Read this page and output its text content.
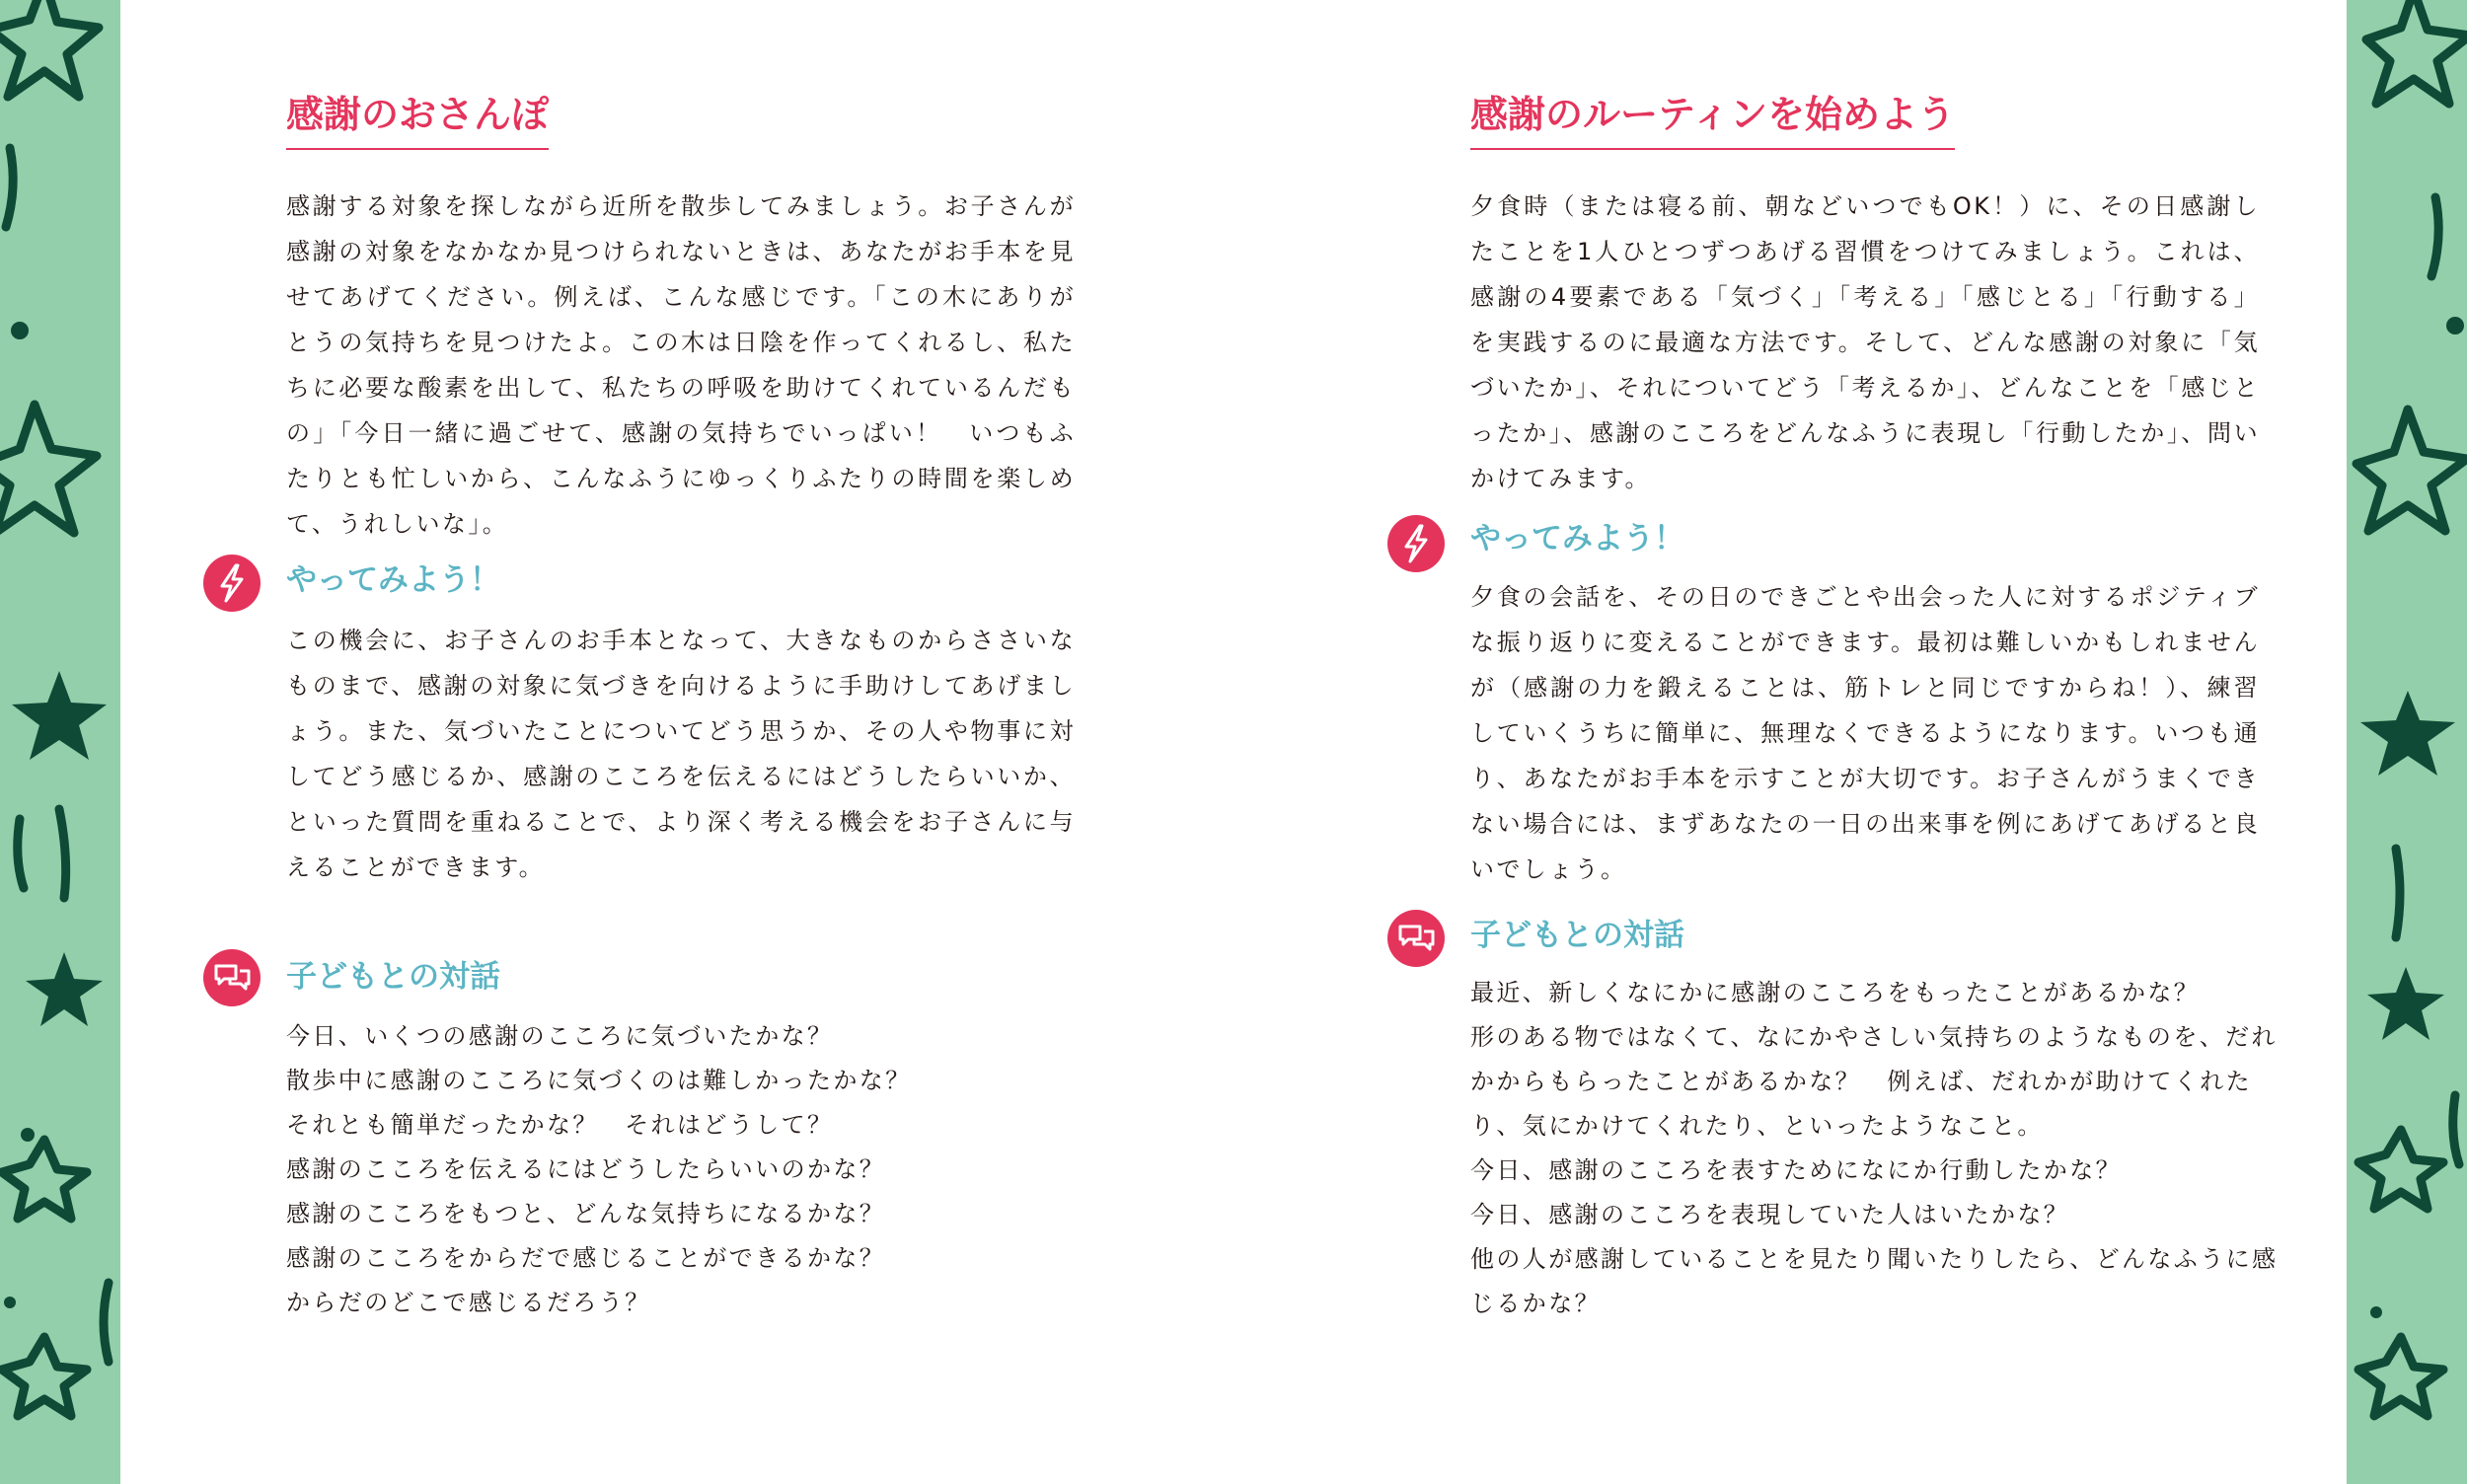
感謝のおさんぽ

感謝する対象を探しながら近所を散歩してみましょう。お子さんが感謝の対象をなかなか見つけられないときは、あなたがお手本を見せてあげてください。例えば、こんな感じです。「この木にありがとうの気持ちを見つけたよ。この木は日陰を作ってくれるし、私たちに必要な酸素を出して、私たちの呼吸を助けてくれているんだもの」「今日一緒に過ごせて、感謝の気持ちでいっぱい！　いつもふたりとも忙しいから、こんなふうにゆっくりふたりの時間を楽しめて、うれしいな」。

やってみよう！

この機会に、お子さんのお手本となって、大きなものからささいなものまで、感謝の対象に気づきを向けるように手助けしてあげましょう。また、気づいたことについてどう思うか、その人や物事に対してどう感じるか、感謝のこころを伝えるにはどうしたらいいか、といった質問を重ねることで、より深く考える機会をお子さんに与えることができます。

子どもとの対話
今日、いくつの感謝のこころに気づいたかな？
散歩中に感謝のこころに気づくのは難しかったかな？
それとも簡単だったかな？　それはどうして？
感謝のこころを伝えるにはどうしたらいいのかな？
感謝のこころをもつと、どんな気持ちになるかな？
感謝のこころをからだで感じることができるかな？
からだのどこで感じるだろう？
感謝のルーティンを始めよう

夕食時（または寝る前、朝などいつでもOK！）に、その日感謝したことを1人ひとつずつあげる習慣をつけてみましょう。これは、感謝の4要素である「気づく」「考える」「感じとる」「行動する」を実践するのに最適な方法です。そして、どんな感謝の対象に「気づいたか」、それについてどう「考えるか」、どんなことを「感じとったか」、感謝のこころをどんなふうに表現し「行動したか」、問いかけてみます。

やってみよう！

夕食の会話を、その日のできごとや出会った人に対するポジティブな振り返りに変えることができます。最初は難しいかもしれませんが（感謝の力を鍛えることは、筋トレと同じですからね！）、練習していくうちに簡単に、無理なくできるようになります。いつも通り、あなたがお手本を示すことが大切です。お子さんがうまくできない場合には、まずあなたの一日の出来事を例にあげてあげると良いでしょう。

子どもとの対話
最近、新しくなにかに感謝のこころをもったことがあるかな？
形のある物ではなくて、なにかやさしい気持ちのようなものを、だれかからもらったことがあるかな？　例えば、だれかが助けてくれたり、気にかけてくれたり、といったようなこと。
今日、感謝のこころを表すためになにか行動したかな？
今日、感謝のこころを表現していた人はいたかな？
他の人が感謝していることを見たり聞いたりしたら、どんなふうに感じるかな？
